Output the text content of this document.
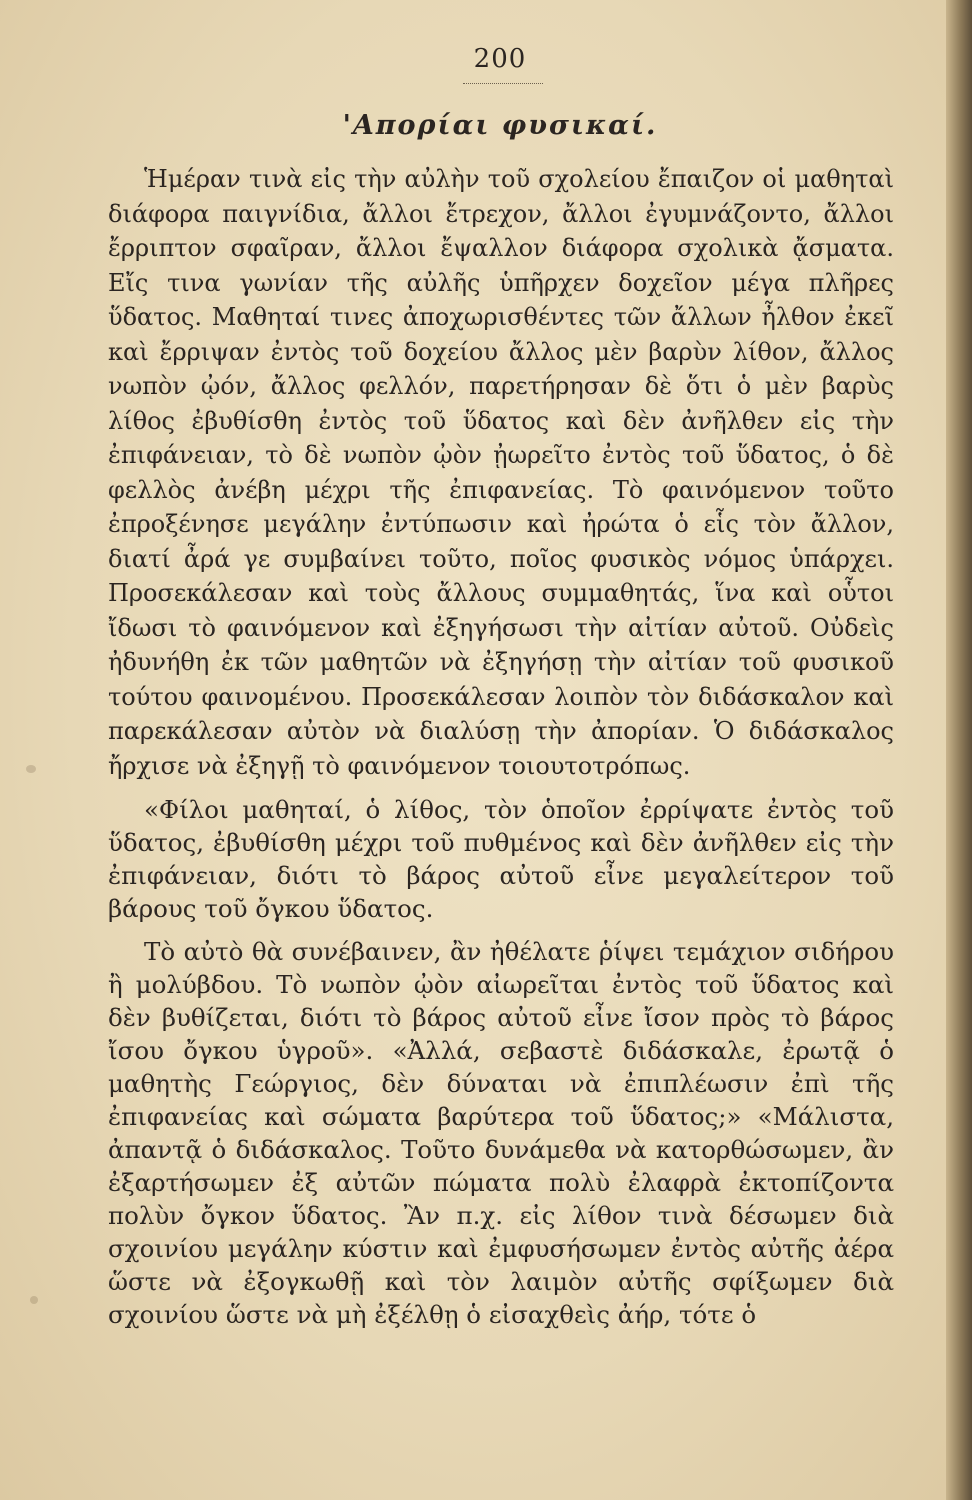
200
'Απορίαι φυσικαί.

Ἡμέραν τινὰ εἰς τὴν αὐλὴν τοῦ σχολείου ἔπαιζον οἱ μαθηταὶ διάφορα παιγνίδια, ἄλλοι ἔτρεχον, ἄλλοι ἐγυμνάζοντο, ἄλλοι ἔρριπτον σφαῖραν, ἄλλοι ἔψαλλον διάφορα σχολικὰ ᾄσματα. Εἴς τινα γωνίαν τῆς αὐλῆς ὑπῆρχεν δοχεῖον μέγα πλῆρες ὕδατος. Μαθηταί τινες ἀποχωρισθέντες τῶν ἄλλων ἦλθον ἐκεῖ καὶ ἔρριψαν ἐντὸς τοῦ δοχείου ἄλλος μὲν βαρὺν λίθον, ἄλλος νωπὸν ᾠόν, ἄλλος φελλόν, παρετήρησαν δὲ ὅτι ὁ μὲν βαρὺς λίθος ἐβυθίσθη ἐντὸς τοῦ ὕδατος καὶ δὲν ἀνῆλθεν εἰς τὴν ἐπιφάνειαν, τὸ δὲ νωπὸν ᾠὸν ᾐωρεῖτο ἐντὸς τοῦ ὕδατος, ὁ δὲ φελλὸς ἀνέβη μέχρι τῆς ἐπιφανείας. Τὸ φαινόμενον τοῦτο ἐπροξένησε μεγάλην ἐντύπωσιν καὶ ἠρώτα ὁ εἷς τὸν ἄλλον, διατί ἆρά γε συμβαίνει τοῦτο, ποῖος φυσικὸς νόμος ὑπάρχει. Προσεκάλεσαν καὶ τοὺς ἄλλους συμμαθητάς, ἵνα καὶ οὗτοι ἴδωσι τὸ φαινόμενον καὶ ἐξηγήσωσι τὴν αἰτίαν αὐτοῦ. Οὐδεὶς ἠδυνήθη ἐκ τῶν μαθητῶν νὰ ἐξηγήσῃ τὴν αἰτίαν τοῦ φυσικοῦ τούτου φαινομένου. Προσεκάλεσαν λοιπὸν τὸν διδάσκαλον καὶ παρεκάλεσαν αὐτὸν νὰ διαλύσῃ τὴν ἀπορίαν. Ὁ διδάσκαλος ἤρχισε νὰ ἐξηγῇ τὸ φαινόμενον τοιουτοτρόπως.

«Φίλοι μαθηταί, ὁ λίθος, τὸν ὁποῖον ἐρρίψατε ἐντὸς τοῦ ὕδατος, ἐβυθίσθη μέχρι τοῦ πυθμένος καὶ δὲν ἀνῆλθεν εἰς τὴν ἐπιφάνειαν, διότι τὸ βάρος αὐτοῦ εἶνε μεγαλείτερον τοῦ βάρους τοῦ ὄγκου ὕδατος.

Τὸ αὐτὸ θὰ συνέβαινεν, ἂν ἠθέλατε ῥίψει τεμάχιον σιδήρου ἢ μολύβδου. Τὸ νωπὸν ᾠὸν αἰωρεῖται ἐντὸς τοῦ ὕδατος καὶ δὲν βυθίζεται, διότι τὸ βάρος αὐτοῦ εἶνε ἴσον πρὸς τὸ βάρος ἴσου ὄγκου ὑγροῦ». «Ἀλλά, σεβαστὲ διδάσκαλε, ἐρωτᾷ ὁ μαθητὴς Γεώργιος, δὲν δύναται νὰ ἐπιπλέωσιν ἐπὶ τῆς ἐπιφανείας καὶ σώματα βαρύτερα τοῦ ὕδατος;» «Μάλιστα, ἀπαντᾷ ὁ διδάσκαλος. Τοῦτο δυνάμεθα νὰ κατορθώσωμεν, ἂν ἐξαρτήσωμεν ἐξ αὐτῶν πώματα πολὺ ἐλαφρὰ ἐκτοπίζοντα πολὺν ὄγκον ὕδατος. Ἂν π.χ. εἰς λίθον τινὰ δέσωμεν διὰ σχοινίου μεγάλην κύστιν καὶ ἐμφυσήσωμεν ἐντὸς αὐτῆς ἀέρα ὥστε νὰ ἐξογκωθῇ καὶ τὸν λαιμὸν αὐτῆς σφίξωμεν διὰ σχοινίου ὥστε νὰ μὴ ἐξέλθῃ ὁ εἰσαχθεὶς ἀήρ, τότε ὁ
